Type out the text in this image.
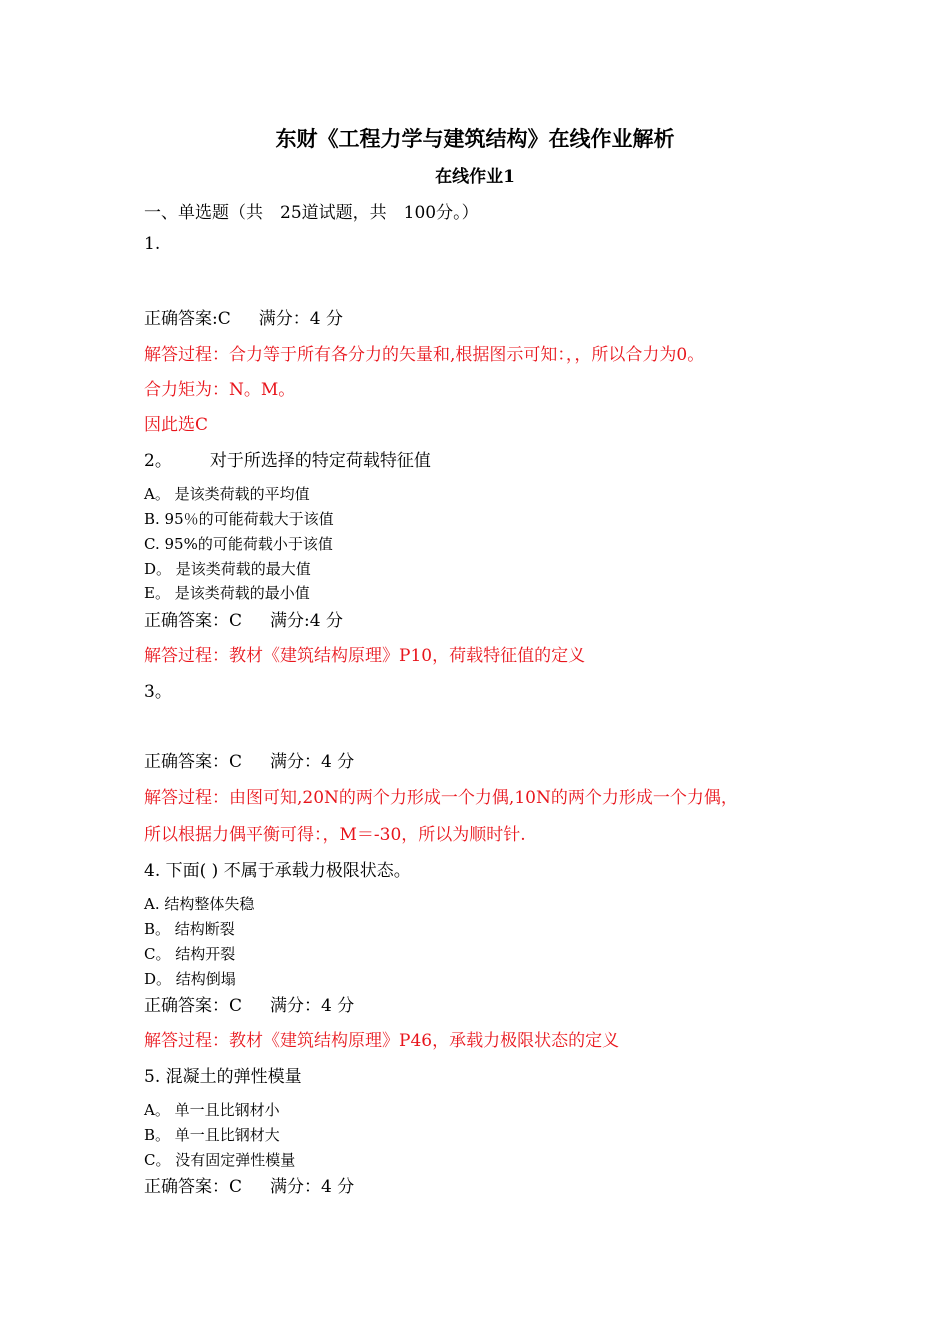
东财《工程力学与建筑结构》在线作业解析
在线作业1
一、单选题（共　25道试题，共　100分。）
1.
正确答案:C 满分：4 分
解答过程：合力等于所有各分力的矢量和,根据图示可知：，，所以合力为0。
合力矩为：N。M。
因此选C
2。 对于所选择的特定荷载特征值
A。 是该类荷载的平均值
B. 95％的可能荷载大于该值
C. 95%的可能荷载小于该值
D。 是该类荷载的最大值
E。 是该类荷载的最小值
正确答案：C 满分:4 分
解答过程：教材《建筑结构原理》P10，荷载特征值的定义
3。
正确答案：C 满分：4 分
解答过程：由图可知,20N的两个力形成一个力偶,10N的两个力形成一个力偶，
所以根据力偶平衡可得：，M＝-30，所以为顺时针.
4. 下面( ) 不属于承载力极限状态。
A. 结构整体失稳
B。 结构断裂
C。 结构开裂
D。 结构倒塌
正确答案：C 满分：4 分
解答过程：教材《建筑结构原理》P46，承载力极限状态的定义
5. 混凝土的弹性模量
A。 单一且比钢材小
B。 单一且比钢材大
C。 没有固定弹性模量
正确答案：C 满分：4 分
